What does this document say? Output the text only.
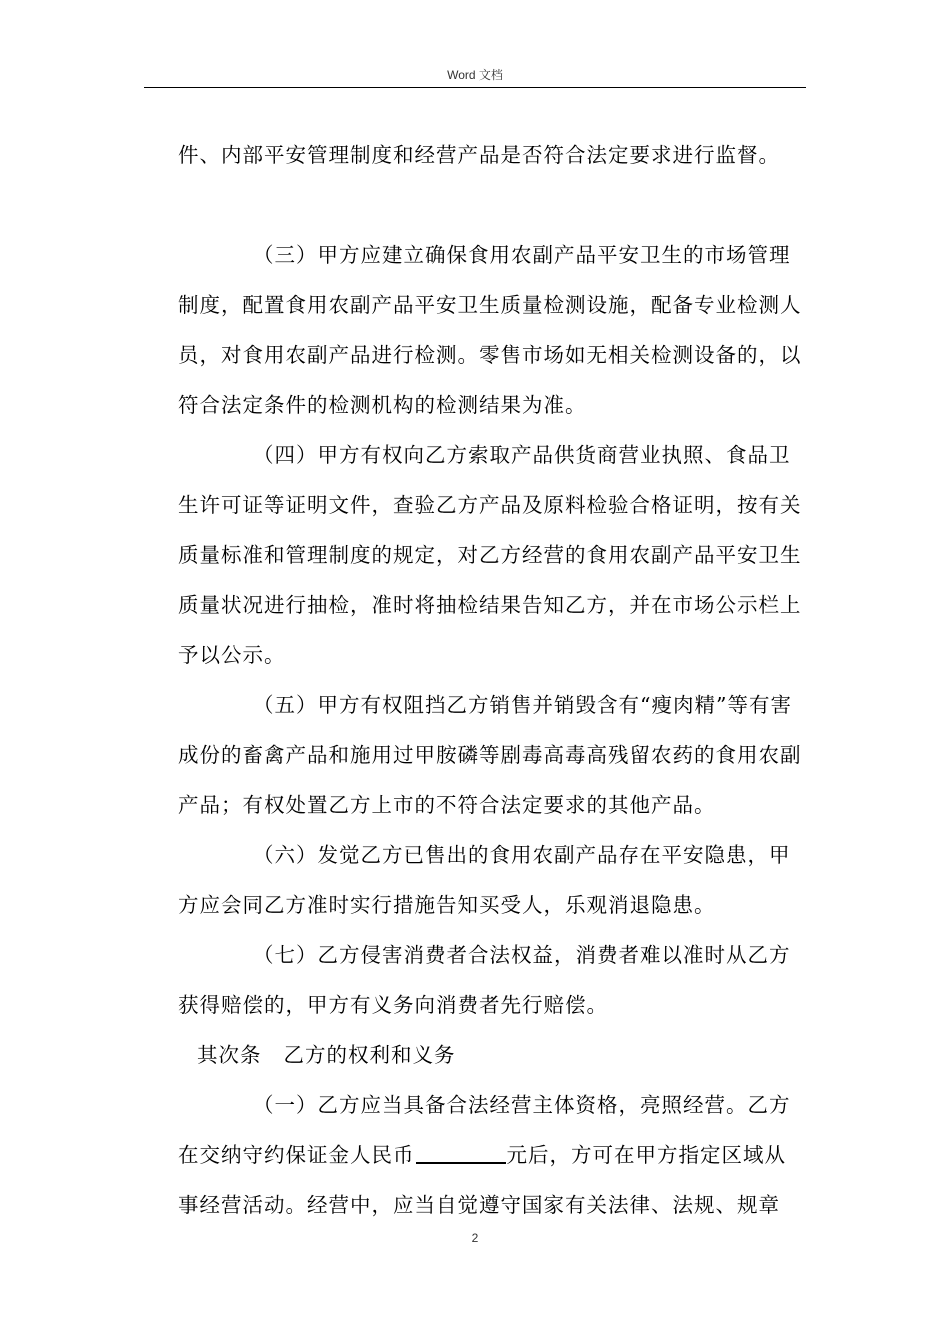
Word 文档

件、内部平安管理制度和经营产品是否符合法定要求进行监督。

（三）甲方应建立确保食用农副产品平安卫生的市场管理制度，配置食用农副产品平安卫生质量检测设施，配备专业检测人员，对食用农副产品进行检测。零售市场如无相关检测设备的，以符合法定条件的检测机构的检测结果为准。

（四）甲方有权向乙方索取产品供货商营业执照、食品卫生许可证等证明文件，查验乙方产品及原料检验合格证明，按有关质量标准和管理制度的规定，对乙方经营的食用农副产品平安卫生质量状况进行抽检，准时将抽检结果告知乙方，并在市场公示栏上予以公示。

（五）甲方有权阻挡乙方销售并销毁含有“瘦肉精”等有害成份的畜禽产品和施用过甲胺磷等剧毒高毒高残留农药的食用农副产品；有权处置乙方上市的不符合法定要求的其他产品。

（六）发觉乙方已售出的食用农副产品存在平安隐患，甲方应会同乙方准时实行措施告知买受人，乐观消退隐患。

（七）乙方侵害消费者合法权益，消费者难以准时从乙方获得赔偿的，甲方有义务向消费者先行赔偿。

其次条 乙方的权利和义务

（一）乙方应当具备合法经营主体资格，亮照经营。乙方在交纳守约保证金人民币	元后，方可在甲方指定区域从事经营活动。经营中，应当自觉遵守国家有关法律、法规、规章

2
